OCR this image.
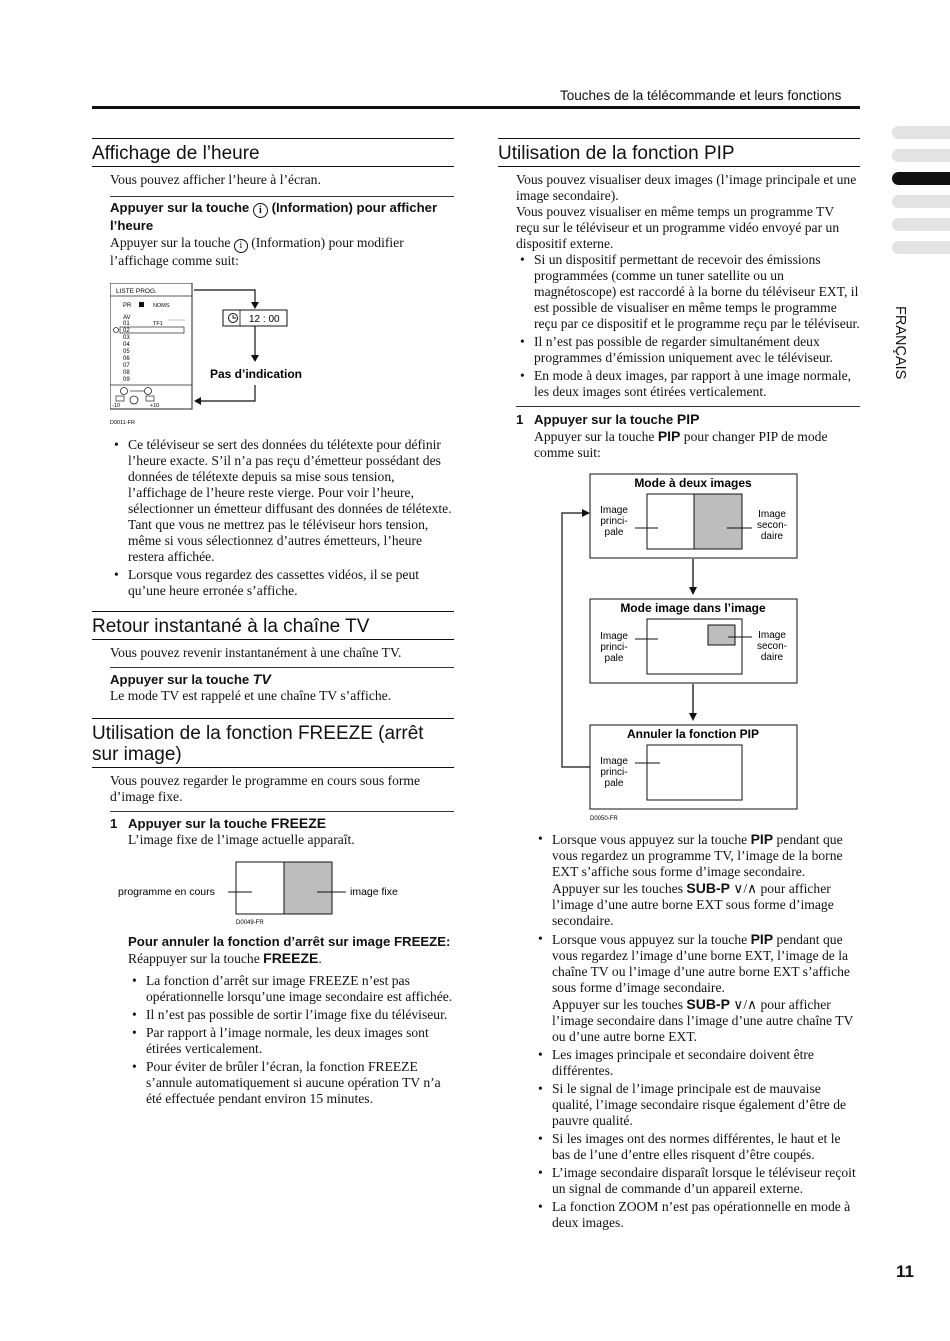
Touches de la télécommande et leurs fonctions
FRANÇAIS
Affichage de l’heure

Vous pouvez afficher l’heure à l’écran.

Appuyer sur la touche i (Information) pour afficher l’heure

Appuyer sur la touche i (Information) pour modifier l’affichage comme suit:

LISTE PROG.
PR	NOMS
AV
TF1
01
02
03
04
05
06
07
08
09
-10	+10
D0011-FR
12 : 00
Pas d’indication
• Ce téléviseur se sert des données du télétexte pour définir l’heure exacte. S’il n’a pas reçu d’émetteur possédant des données de télétexte depuis sa mise sous tension, l’affichage de l’heure reste vierge. Pour voir l’heure, sélectionner un émetteur diffusant des données de télétexte. Tant que vous ne mettrez pas le téléviseur hors tension, même si vous sélectionnez d’autres émetteurs, l’heure restera affichée.
• Lorsque vous regardez des cassettes vidéos, il se peut qu’une heure erronée s’affiche.
Retour instantané à la chaîne TV

Vous pouvez revenir instantanément à une chaîne TV.

Appuyer sur la touche TV

Le mode TV est rappelé et une chaîne TV s’affiche.

Utilisation de la fonction FREEZE (arrêt sur image)

Vous pouvez regarder le programme en cours sous forme d’image fixe.

1 Appuyer sur la touche FREEZE

L’image fixe de l’image actuelle apparaît.

programme en cours	image fixe
D0049-FR

Pour annuler la fonction d’arrêt sur image FREEZE:

Réappuyer sur la touche FREEZE.

• La fonction d’arrêt sur image FREEZE n’est pas opérationnelle lorsqu’une image secondaire est affichée.
• Il n’est pas possible de sortir l’image fixe du téléviseur.
• Par rapport à l’image normale, les deux images sont étirées verticalement.
• Pour éviter de brûler l’écran, la fonction FREEZE s’annule automatiquement si aucune opération TV n’a été effectuée pendant environ 15 minutes.
Utilisation de la fonction PIP

Vous pouvez visualiser deux images (l’image principale et une image secondaire).

Vous pouvez visualiser en même temps un programme TV reçu sur le téléviseur et un programme vidéo envoyé par un dispositif externe.

• Si un dispositif permettant de recevoir des émissions programmées (comme un tuner satellite ou un magnétoscope) est raccordé à la borne du téléviseur EXT, il est possible de visualiser en même temps le programme reçu par ce dispositif et le programme reçu par le téléviseur.
• Il n’est pas possible de regarder simultanément deux programmes d’émission uniquement avec le téléviseur.
• En mode à deux images, par rapport à une image normale, les deux images sont étirées verticalement.

1 Appuyer sur la touche PIP

Appuyer sur la touche PIP pour changer PIP de mode comme suit:

Mode à deux images
Image
princi-
pale
Image
secon-
daire
Mode image dans l’image
Image
princi-
pale
Image
secon-
daire
Annuler la fonction PIP
Image
princi-
pale
D0050-FR
• Lorsque vous appuyez sur la touche PIP pendant que vous regardez un programme TV, l’image de la borne EXT s’affiche sous forme d’image secondaire.
Appuyer sur les touches SUB-P ∨/∧ pour afficher l’image d’une autre borne EXT sous forme d’image secondaire.
• Lorsque vous appuyez sur la touche PIP pendant que vous regardez l’image d’une borne EXT, l’image de la chaîne TV ou l’image d’une autre borne EXT s’affiche sous forme d’image secondaire.
Appuyer sur les touches SUB-P ∨/∧ pour afficher l’image secondaire dans l’image d’une autre chaîne TV ou d’une autre borne EXT.
• Les images principale et secondaire doivent être différentes.
• Si le signal de l’image principale est de mauvaise qualité, l’image secondaire risque également d’être de pauvre qualité.
• Si les images ont des normes différentes, le haut et le bas de l’une d’entre elles risquent d’être coupés.
• L’image secondaire disparaît lorsque le téléviseur reçoit un signal de commande d’un appareil externe.
• La fonction ZOOM n’est pas opérationnelle en mode à deux images.
11
